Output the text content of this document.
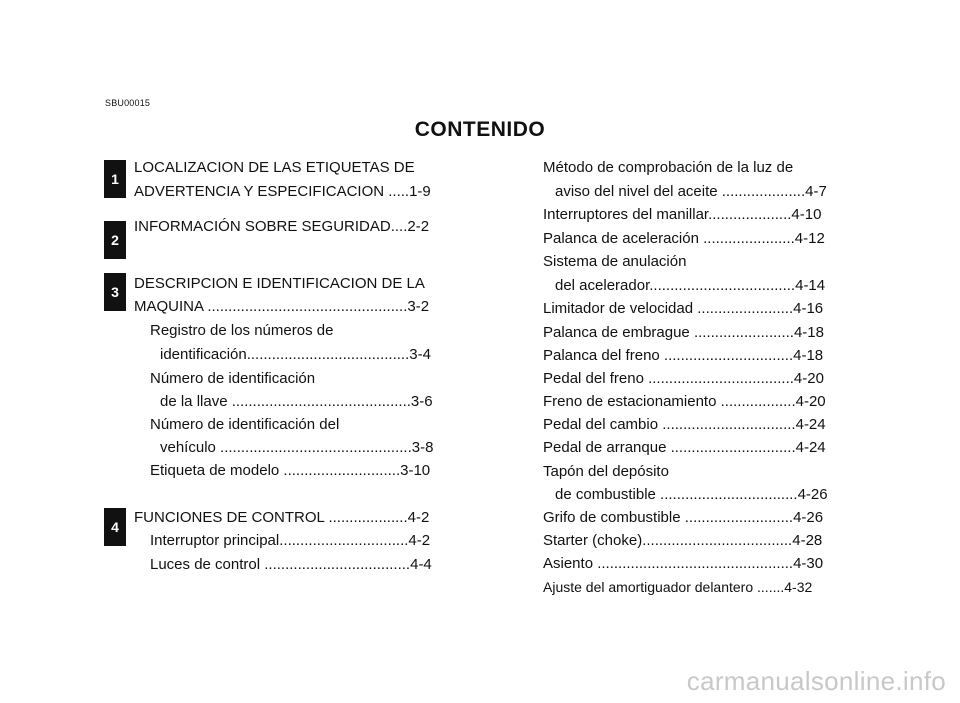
SBU00015
CONTENIDO
1
2
3
4
LOCALIZACION DE LAS ETIQUETAS DE
ADVERTENCIA Y ESPECIFICACION .....1-9
INFORMACIÓN SOBRE SEGURIDAD....2-2
DESCRIPCION E IDENTIFICACION DE LA
MAQUINA ................................................3-2
Registro de los números de
identificación.......................................3-4
Número de identificación
de la llave ...........................................3-6
Número de identificación del
vehículo ..............................................3-8
Etiqueta de modelo ............................3-10
FUNCIONES DE CONTROL ...................4-2
Interruptor principal...............................4-2
Luces de control ...................................4-4
Método de comprobación de la luz de
aviso del nivel del aceite ....................4-7
Interruptores del manillar....................4-10
Palanca de aceleración ......................4-12
Sistema de anulación
del acelerador...................................4-14
Limitador de velocidad .......................4-16
Palanca de embrague ........................4-18
Palanca del freno ...............................4-18
Pedal del freno ...................................4-20
Freno de estacionamiento ..................4-20
Pedal del cambio ................................4-24
Pedal de arranque ..............................4-24
Tapón del depósito
de combustible .................................4-26
Grifo de combustible ..........................4-26
Starter (choke)....................................4-28
Asiento ...............................................4-30
Ajuste del amortiguador delantero .......4-32
carmanualsonline.info
